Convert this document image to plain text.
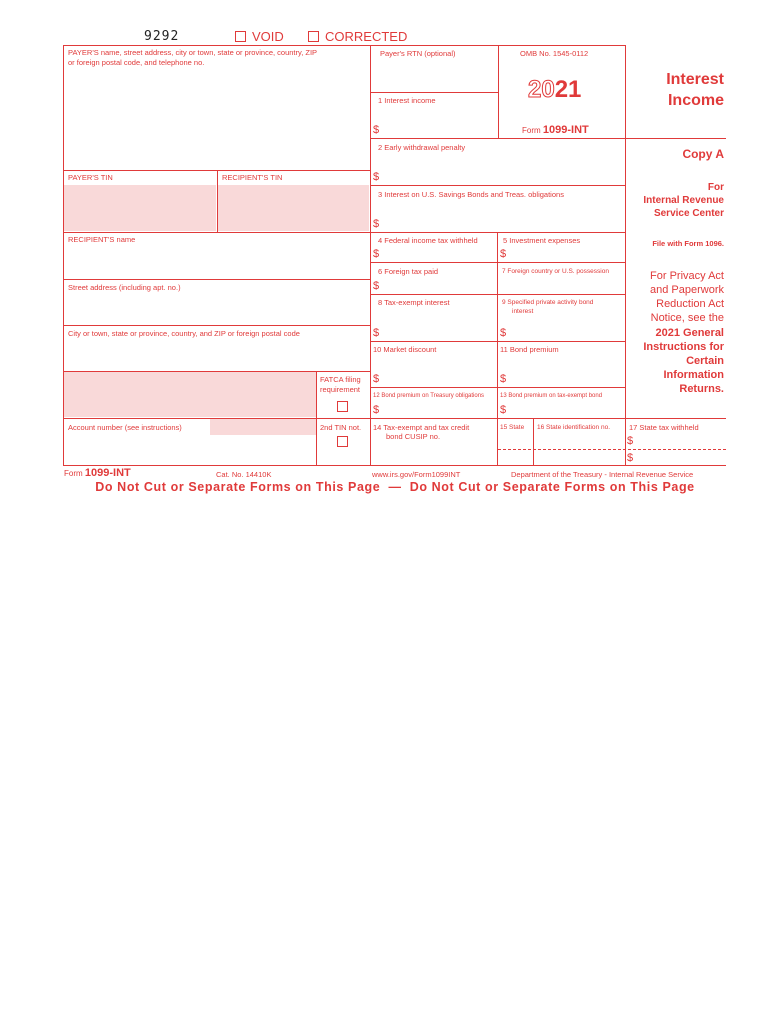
9292	VOID	CORRECTED
PAYER'S name, street address, city or town, state or province, country, ZIP
or foreign postal code, and telephone no.
PAYER'S TIN	RECIPIENT'S TIN
RECIPIENT'S name
Street address (including apt. no.)
City or town, state or province, country, and ZIP or foreign postal code
FATCA filing
requirement
Account number (see instructions)	2nd TIN not.
Payer's RTN (optional)	OMB No. 1545-0112
2021
Form 1099-INT
Interest
Income
1 Interest income
$
2 Early withdrawal penalty
$
3 Interest on U.S. Savings Bonds and Treas. obligations
$
4 Federal income tax withheld
$
5 Investment expenses
$
6 Foreign tax paid
$
7 Foreign country or U.S. possession
8 Tax-exempt interest
$
9 Specified private activity bond
interest
$
10 Market discount
$
11 Bond premium
$
12 Bond premium on Treasury obligations
$
13 Bond premium on tax-exempt bond
$
14 Tax-exempt and tax credit
bond CUSIP no.
15 State 16 State identification no.	17 State tax withheld
$
$
Copy A
For
Internal Revenue
Service Center
File with Form 1096.
For Privacy Act
and Paperwork
Reduction Act
Notice, see the
2021 General
Instructions for
Certain
Information
Returns.
Form 1099-INT	Cat. No. 14410K	www.irs.gov/Form1099INT	Department of the Treasury - Internal Revenue Service
Do Not Cut or Separate Forms on This Page  —  Do Not Cut or Separate Forms on This Page
